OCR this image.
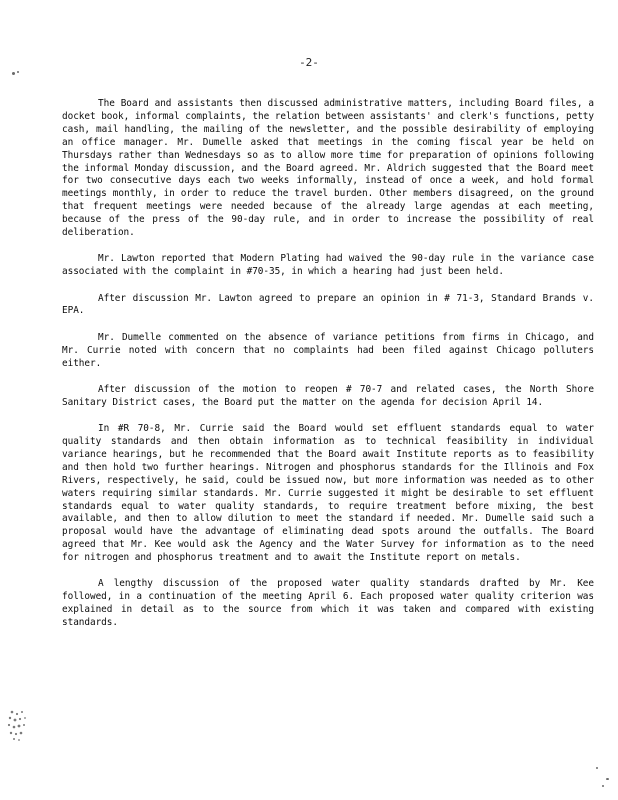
-2-

The Board and assistants then discussed administrative matters, including Board files, a docket book, informal complaints, the relation between assistants' and clerk's functions, petty cash, mail handling, the mailing of the newsletter, and the possible desirability of employing an office manager. Mr. Dumelle asked that meetings in the coming fiscal year be held on Thursdays rather than Wednesdays so as to allow more time for preparation of opinions following the informal Monday discussion, and the Board agreed. Mr. Aldrich suggested that the Board meet for two consecutive days each two weeks informally, instead of once a week, and hold formal meetings monthly, in order to reduce the travel burden. Other members disagreed, on the ground that frequent meetings were needed because of the already large agendas at each meeting, because of the press of the 90-day rule, and in order to increase the possibility of real deliberation.

Mr. Lawton reported that Modern Plating had waived the 90-day rule in the variance case associated with the complaint in #70-35, in which a hearing had just been held.

After discussion Mr. Lawton agreed to prepare an opinion in # 71-3, Standard Brands v. EPA.

Mr. Dumelle commented on the absence of variance petitions from firms in Chicago, and Mr. Currie noted with concern that no complaints had been filed against Chicago polluters either.

After discussion of the motion to reopen # 70-7 and related cases, the North Shore Sanitary District cases, the Board put the matter on the agenda for decision April 14.

In #R 70-8, Mr. Currie said the Board would set effluent standards equal to water quality standards and then obtain information as to technical feasibility in individual variance hearings, but he recommended that the Board await Institute reports as to feasibility and then hold two further hearings. Nitrogen and phosphorus standards for the Illinois and Fox Rivers, respectively, he said, could be issued now, but more information was needed as to other waters requiring similar standards. Mr. Currie suggested it might be desirable to set effluent standards equal to water quality standards, to require treatment before mixing, the best available, and then to allow dilution to meet the standard if needed. Mr. Dumelle said such a proposal would have the advantage of eliminating dead spots around the outfalls. The Board agreed that Mr. Kee would ask the Agency and the Water Survey for information as to the need for nitrogen and phosphorus treatment and to await the Institute report on metals.

A lengthy discussion of the proposed water quality standards drafted by Mr. Kee followed, in a continuation of the meeting April 6. Each proposed water quality criterion was explained in detail as to the source from which it was taken and compared with existing standards.
